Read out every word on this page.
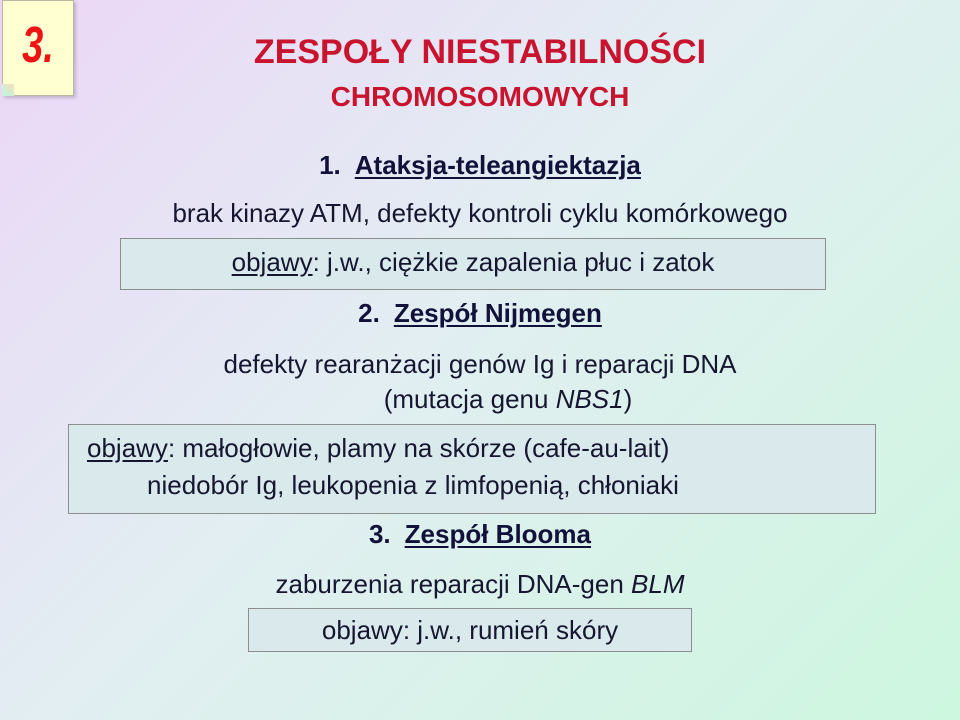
3.	ZESPOŁY NIESTABILNOŚCI
CHROMOSOMOWYCH
1. Ataksja-teleangiektazja
brak kinazy ATM, defekty kontroli cyklu komórkowego
objawy: j.w., ciężkie zapalenia płuc i zatok
2. Zespół Nijmegen
defekty rearanżacji genów Ig i reparacji DNA
(mutacja genu NBS1)
objawy: małogłowie, plamy na skórze (cafe-au-lait)
niedobór Ig, leukopenia z limfopenią, chłoniaki
3. Zespół Blooma
zaburzenia reparacji DNA-gen BLM
objawy: j.w., rumień skóry
